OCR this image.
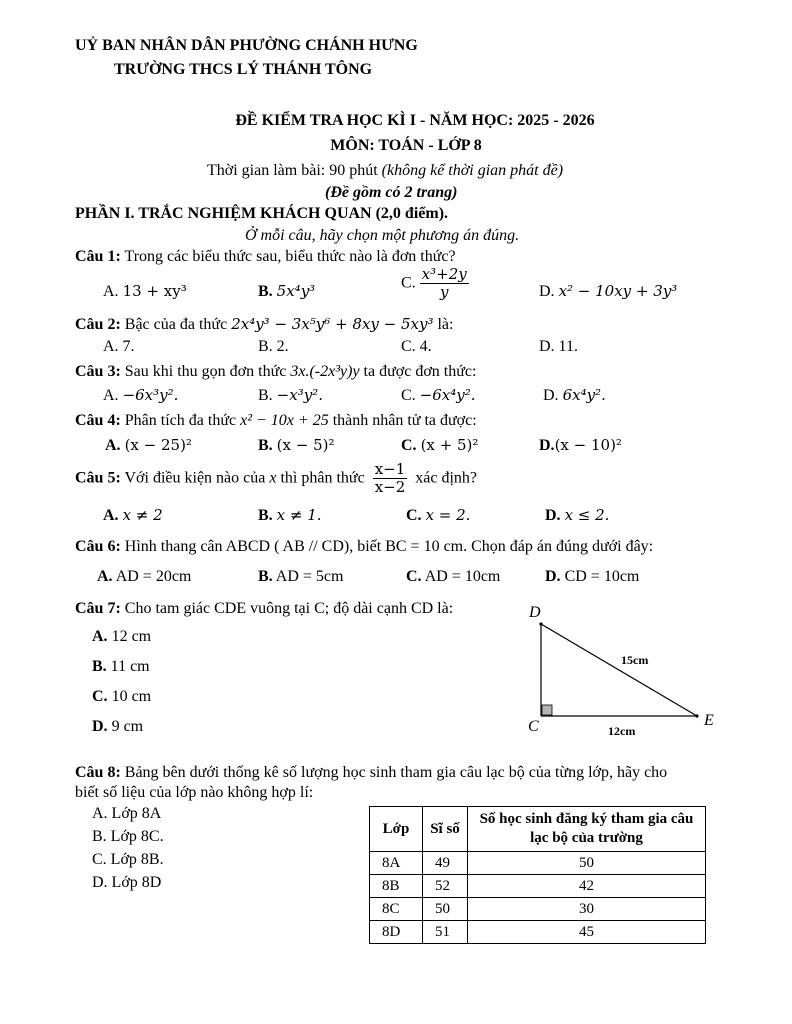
UỶ BAN NHÂN DÂN PHƯỜNG CHÁNH HƯNG
TRƯỜNG THCS LÝ THÁNH TÔNG
ĐỀ KIỂM TRA HỌC KÌ I - NĂM HỌC: 2025 - 2026
MÔN: TOÁN - LỚP 8
Thời gian làm bài: 90 phút (không kể thời gian phát đề)
(Đề gồm có 2 trang)
PHẦN I. TRẮC NGHIỆM KHÁCH QUAN (2,0 điểm).
Ở mỗi câu, hãy chọn một phương án đúng.
Câu 1: Trong các biểu thức sau, biểu thức nào là đơn thức?
A. 13 + xy³	B. 5x⁴y³	C. $\frac{\text{x³+2y}}{y}$	D. x² − 10xy + 3y³
Câu 2: Bậc của đa thức 2x⁴y³ − 3x⁵y⁶ + 8xy − 5xy³ là:
A. 7.	B. 2.	C. 4.	D. 11.
Câu 3: Sau khi thu gọn đơn thức 3x.(-2x³y)y ta được đơn thức:
A. −6x³y².	B. −x³y².	C. −6x⁴y².	D. 6x⁴y².
Câu 4: Phân tích đa thức x² − 10x + 25 thành nhân tử ta được:
A. (x − 25)²	B. (x − 5)²	C. (x + 5)²	D.(x − 10)²
Câu 5: Với điều kiện nào của x thì phân thức $\frac{x-1}{x-2}$ xác định?
A. x ≠ 2	B. x ≠ 1.	C. x = 2.	D. x ≤ 2.
Câu 6: Hình thang cân ABCD ( AB // CD), biết BC = 10 cm. Chọn đáp án đúng dưới đây:
A. AD = 20cm	B. AD = 5cm	C. AD = 10cm	D. CD = 10cm
Câu 7: Cho tam giác CDE vuông tại C; độ dài cạnh CD là:
A. 12 cm
B. 11 cm
C. 10 cm
D. 9 cm
D
C	E
15cm
12cm
Câu 8: Bảng bên dưới thống kê số lượng học sinh tham gia câu lạc bộ của từng lớp, hãy cho
biết số liệu của lớp nào không hợp lí:
A. Lớp 8A
B. Lớp 8C.
C. Lớp 8B.
D. Lớp 8D
Lớp	Sĩ số	Số học sinh đăng ký tham gia câu lạc bộ của trường
8A	49	50
8B	52	42
8C	50	30
8D	51	45
